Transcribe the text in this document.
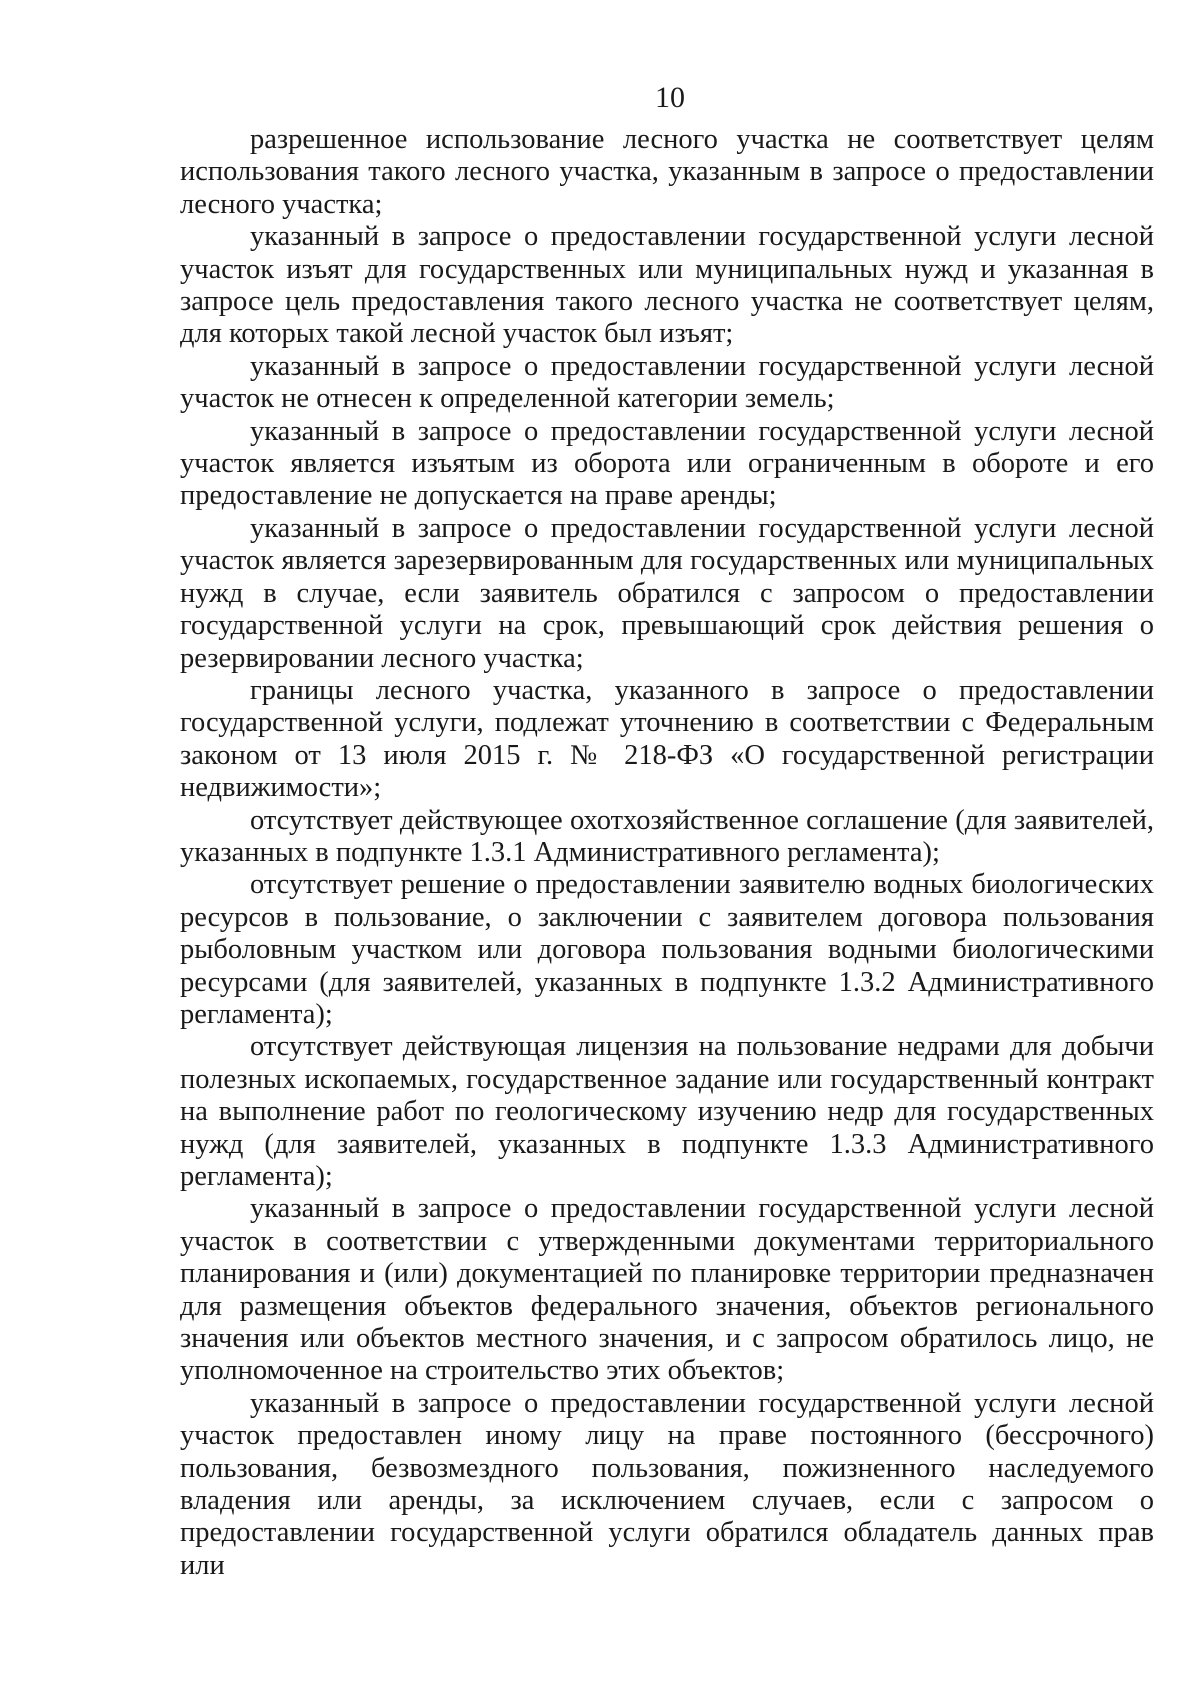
10

разрешенное использование лесного участка не соответствует целям использования такого лесного участка, указанным в запросе о предоставлении лесного участка;

указанный в запросе о предоставлении государственной услуги лесной участок изъят для государственных или муниципальных нужд и указанная в запросе цель предоставления такого лесного участка не соответствует целям, для которых такой лесной участок был изъят;

указанный в запросе о предоставлении государственной услуги лесной участок не отнесен к определенной категории земель;

указанный в запросе о предоставлении государственной услуги лесной участок является изъятым из оборота или ограниченным в обороте и его предоставление не допускается на праве аренды;

указанный в запросе о предоставлении государственной услуги лесной участок является зарезервированным для государственных или муниципальных нужд в случае, если заявитель обратился с запросом о предоставлении государственной услуги на срок, превышающий срок действия решения о резервировании лесного участка;

границы лесного участка, указанного в запросе о предоставлении государственной услуги, подлежат уточнению в соответствии с Федеральным законом от 13 июля 2015 г. № 218-ФЗ «О государственной регистрации недвижимости»;

отсутствует действующее охотхозяйственное соглашение (для заявителей, указанных в подпункте 1.3.1 Административного регламента);

отсутствует решение о предоставлении заявителю водных биологических ресурсов в пользование, о заключении с заявителем договора пользования рыболовным участком или договора пользования водными биологическими ресурсами (для заявителей, указанных в подпункте 1.3.2 Административного регламента);

отсутствует действующая лицензия на пользование недрами для добычи полезных ископаемых, государственное задание или государственный контракт на выполнение работ по геологическому изучению недр для государственных нужд (для заявителей, указанных в подпункте 1.3.3 Административного регламента);

указанный в запросе о предоставлении государственной услуги лесной участок в соответствии с утвержденными документами территориального планирования и (или) документацией по планировке территории предназначен для размещения объектов федерального значения, объектов регионального значения или объектов местного значения, и с запросом обратилось лицо, не уполномоченное на строительство этих объектов;

указанный в запросе о предоставлении государственной услуги лесной участок предоставлен иному лицу на праве постоянного (бессрочного) пользования, безвозмездного пользования, пожизненного наследуемого владения или аренды, за исключением случаев, если с запросом о предоставлении государственной услуги обратился обладатель данных прав или
